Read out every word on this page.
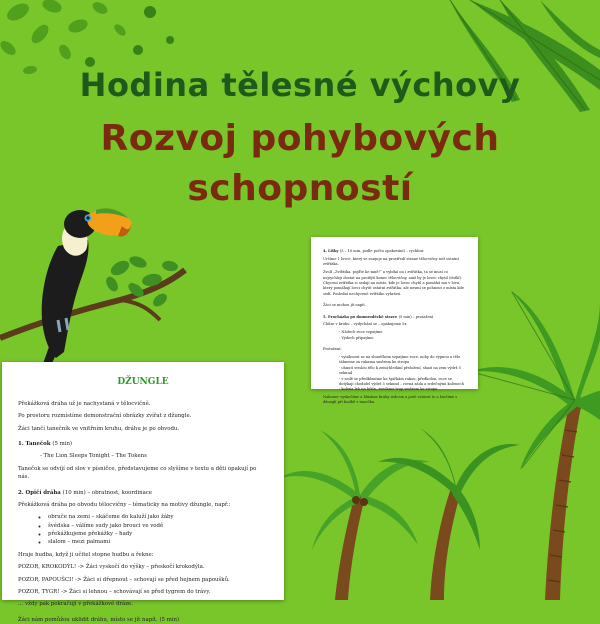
Hodina tělesné výchovy
Rozvoj pohybových
schopností

4. Lišky (5 – 10 min, podle počtu opakování) – rychlost

Určíme 1 lovce, který se snaţuje na prostředí strane tělocvičny než ostatní zvířátka.

Zvolí „Zvířátka, pojďte ke mně!“ a vybíhá on i zvířátka, ta se musí co nejrychleji dostat na protější konec tělocvičny, aniž by je lovec chytil (dotkl). Chycení zvířátka si sedají na místo, kde je lovec chytil a pomáhá mu v lovu, který pomáhají lovci chytit ostatní zvířátka, ale nesmí se pohnout z místa kde sedí. Poslední nechycené zvířátko vyhrává.

Žáci se mohou jít napít.

5. Procházka po domorodécké stezce (5 min) – protažení

Chůze v kruhu – vydychání se – opakujeme 5x

- Nádech ruce vzpaţíme
- Výdech připaţíme

Protažení:

- vytáhnout se na slunéčkem vzpaţíme ruce, nohy do výpnou a tělo táhneme za rukama směrem ke stropu
- ohnutí svislou tělo k zemi-hledání přeložení, shazí na zem výdrž 5 sekund
- v sedě se předkloníme ke špičkám rukou, předkolon, ruce se dotýkají chodidel výdrž 5 sekund – rovná záda a srdečnými kolenech
- kolena leh na břiše, zvedáme trup směrem ke stropu

Nakonec vyskočíme a hlásíme kruhy srdcem a poté vstávat to a loučíme s džunglí při hudbě v tanečku.

DŽUNGLE

Překážková dráha už je nachystaná v tělocvičně.

Po prostoru rozmístíme demonstrační obrázky zvířat z džungle.

Žáci tančí tanečník ve vnitřním kruhu, dráhu je po obvodu.

1. Tanečok (5 min)

- The Lion Sleeps Tonight – The Tokens

Tanečok se odvíjí od slov v písničce, představujeme co slyšíme v textu a děti opakují po nás.

2. Opičí dráha (10 min) – obratnost, koordinace

Překážková dráha po obvodu tělocvičny – tématicky na motivy džungle, např.:

◦ obruče na zemi – skáčeme do kaluží jako žáby
◦ švédska – válíme sudy jako brouci ve vodě
◦ překážkujeme překážky – hady
◦ slalom – mezi palmami

Hraje hudba, když ji učitel stopne hudbu a řekne:

POZOR, KROKODÝL! -> Žáci vyskočí do výšky – přeskočí krokodýla.

POZOR, PAPOUŠCI! -> Žáci si dřepnout – schovají se před hejnem papoušků.

POZOR, TYGR! -> Žáci si lehnou – schovávají se před tygrem do trávy.

… vždy pak pokračují v překážkové dráze.

Žáci nám pomůžou uklidit dráhu, místo se jít napít. (5 min)
